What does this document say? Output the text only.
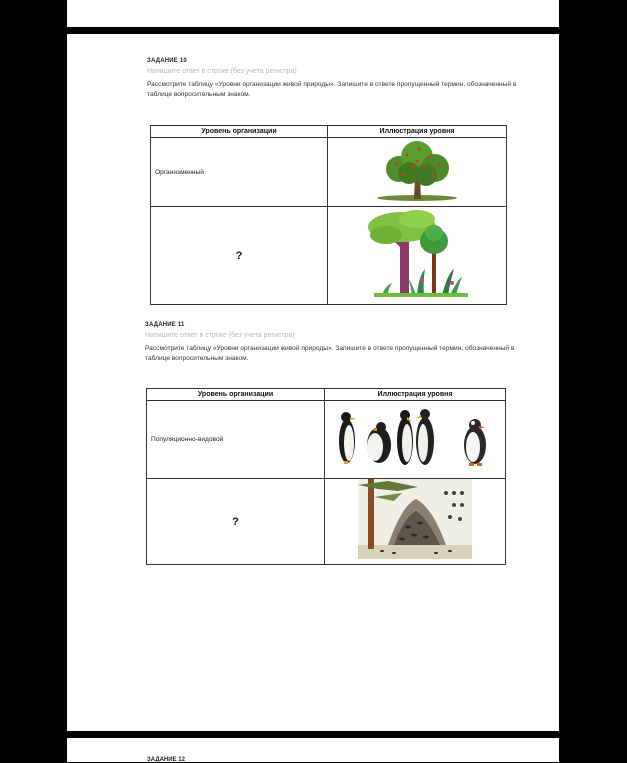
ЗАДАНИЕ 10
Напишите ответ в строке (без учета регистра)
Рассмотрите таблицу «Уровни организации живой природы». Запишите в ответе пропущенный термин, обозначенный в таблице вопросительным знаком.
Уровень организации	Иллюстрация уровня
Организменный	
?	
ЗАДАНИЕ 11
Напишите ответ в строке (без учета регистра)
Рассмотрите таблицу «Уровни организации живой природы». Запишите в ответе пропущенный термин, обозначенный в таблице вопросительным знаком.
Уровень организации	Иллюстрация уровня
Популяционно-видовой	
?	
ЗАДАНИЕ 12
